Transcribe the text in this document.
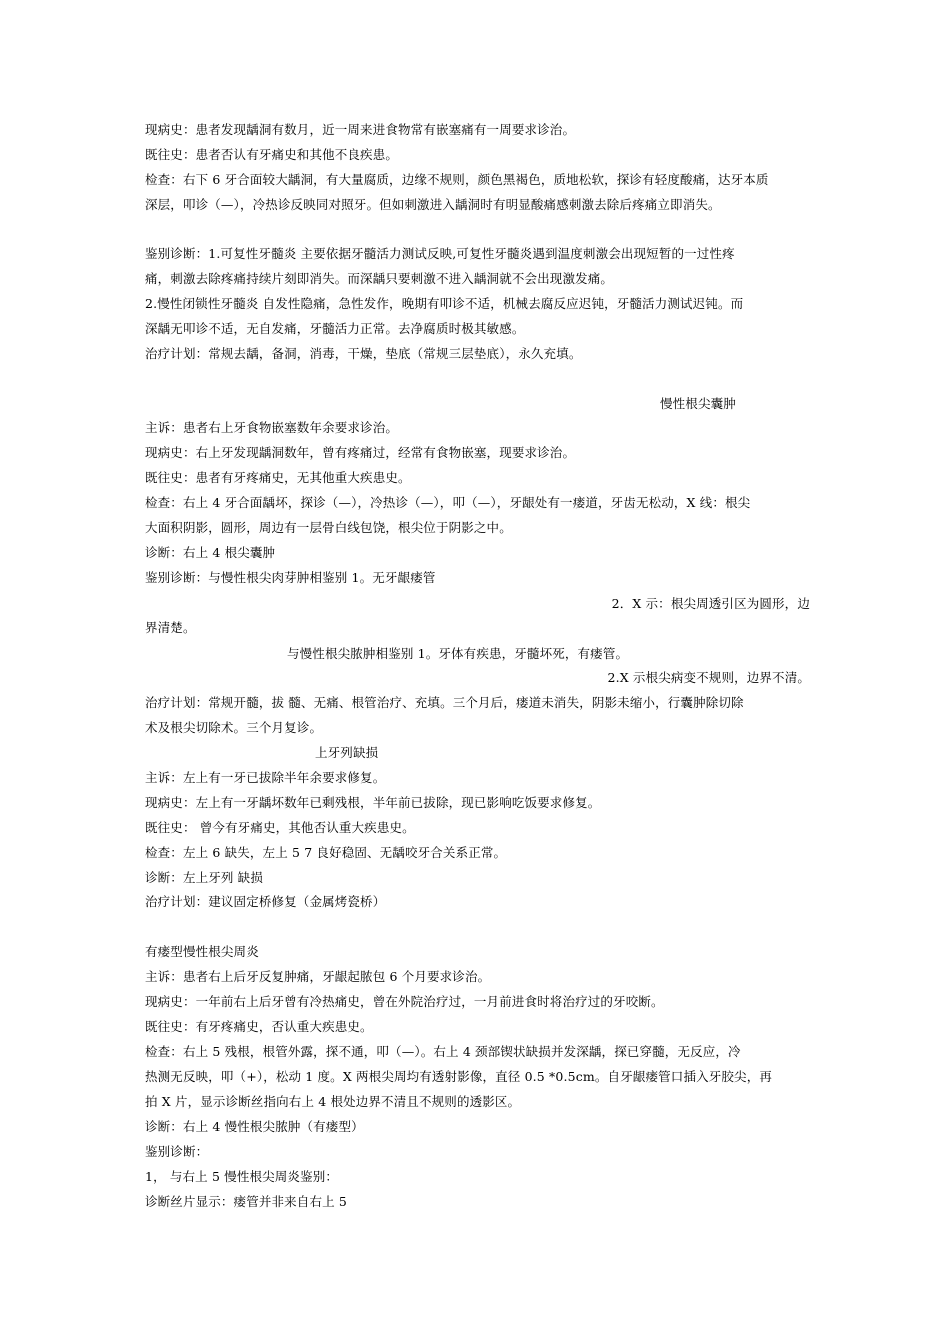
现病史：患者发现龋洞有数月，近一周来进食物常有嵌塞痛有一周要求诊治。
既往史：患者否认有牙痛史和其他不良疾患。
检查：右下 6 牙合面较大龋洞，有大量腐质，边缘不规则，颜色黑褐色，质地松软，探诊有轻度酸痛，达牙本质
深层，叩诊（—），冷热诊反映同对照牙。但如刺激进入龋洞时有明显酸痛感刺激去除后疼痛立即消失。
鉴别诊断：1.可复性牙髓炎 主要依据牙髓活力测试反映,可复性牙髓炎遇到温度刺激会出现短暂的一过性疼
痛，刺激去除疼痛持续片刻即消失。而深龋只要刺激不进入龋洞就不会出现激发痛。
2.慢性闭锁性牙髓炎 自发性隐痛，急性发作，晚期有叩诊不适，机械去腐反应迟钝，牙髓活力测试迟钝。而
深龋无叩诊不适，无自发痛，牙髓活力正常。去净腐质时极其敏感。
治疗计划：常规去龋，备洞，消毒，干燥，垫底（常规三层垫底），永久充填。
慢性根尖囊肿
主诉：患者右上牙食物嵌塞数年余要求诊治。
现病史：右上牙发现龋洞数年，曾有疼痛过，经常有食物嵌塞，现要求诊治。
既往史：患者有牙疼痛史，无其他重大疾患史。
检查：右上 4 牙合面龋坏，探诊（—），冷热诊（—），叩（—），牙龈处有一瘘道，牙齿无松动，X 线：根尖
大面积阴影，圆形，周边有一层骨白线包饶，根尖位于阴影之中。
诊断：右上 4 根尖囊肿
鉴别诊断：与慢性根尖肉芽肿相鉴别 1。无牙龈瘘管
2．X 示：根尖周透引区为圆形，边
界清楚。
与慢性根尖脓肿相鉴别 1。牙体有疾患，牙髓坏死，有瘘管。
2.X 示根尖病变不规则，边界不清。
治疗计划：常规开髓，拔 髓、无痛、根管治疗、充填。三个月后，瘘道未消失，阴影未缩小，行囊肿除切除
术及根尖切除术。三个月复诊。
上牙列缺损
主诉：左上有一牙已拔除半年余要求修复。
现病史：左上有一牙龋坏数年已剩残根，半年前已拔除，现已影响吃饭要求修复。
既往史： 曾今有牙痛史，其他否认重大疾患史。
检查：左上 6 缺失，左上 5 7 良好稳固、无龋咬牙合关系正常。
诊断：左上牙列 缺损
治疗计划：建议固定桥修复（金属烤瓷桥）
有瘘型慢性根尖周炎
主诉：患者右上后牙反复肿痛，牙龈起脓包 6 个月要求诊治。
现病史：一年前右上后牙曾有冷热痛史，曾在外院治疗过，一月前进食时将治疗过的牙咬断。
既往史：有牙疼痛史，否认重大疾患史。
检查：右上 5 残根，根管外露，探不通，叩（—）。右上 4 颈部锲状缺损并发深龋，探已穿髓，无反应，冷
热测无反映，叩（+），松动 1 度。X 两根尖周均有透射影像，直径 0.5 *0.5cm。自牙龈瘘管口插入牙胶尖，再
拍 X 片，显示诊断丝指向右上 4 根处边界不清且不规则的透影区。
诊断：右上 4 慢性根尖脓肿（有瘘型）
鉴别诊断：
1， 与右上 5 慢性根尖周炎鉴别：
诊断丝片显示：瘘管并非来自右上 5
